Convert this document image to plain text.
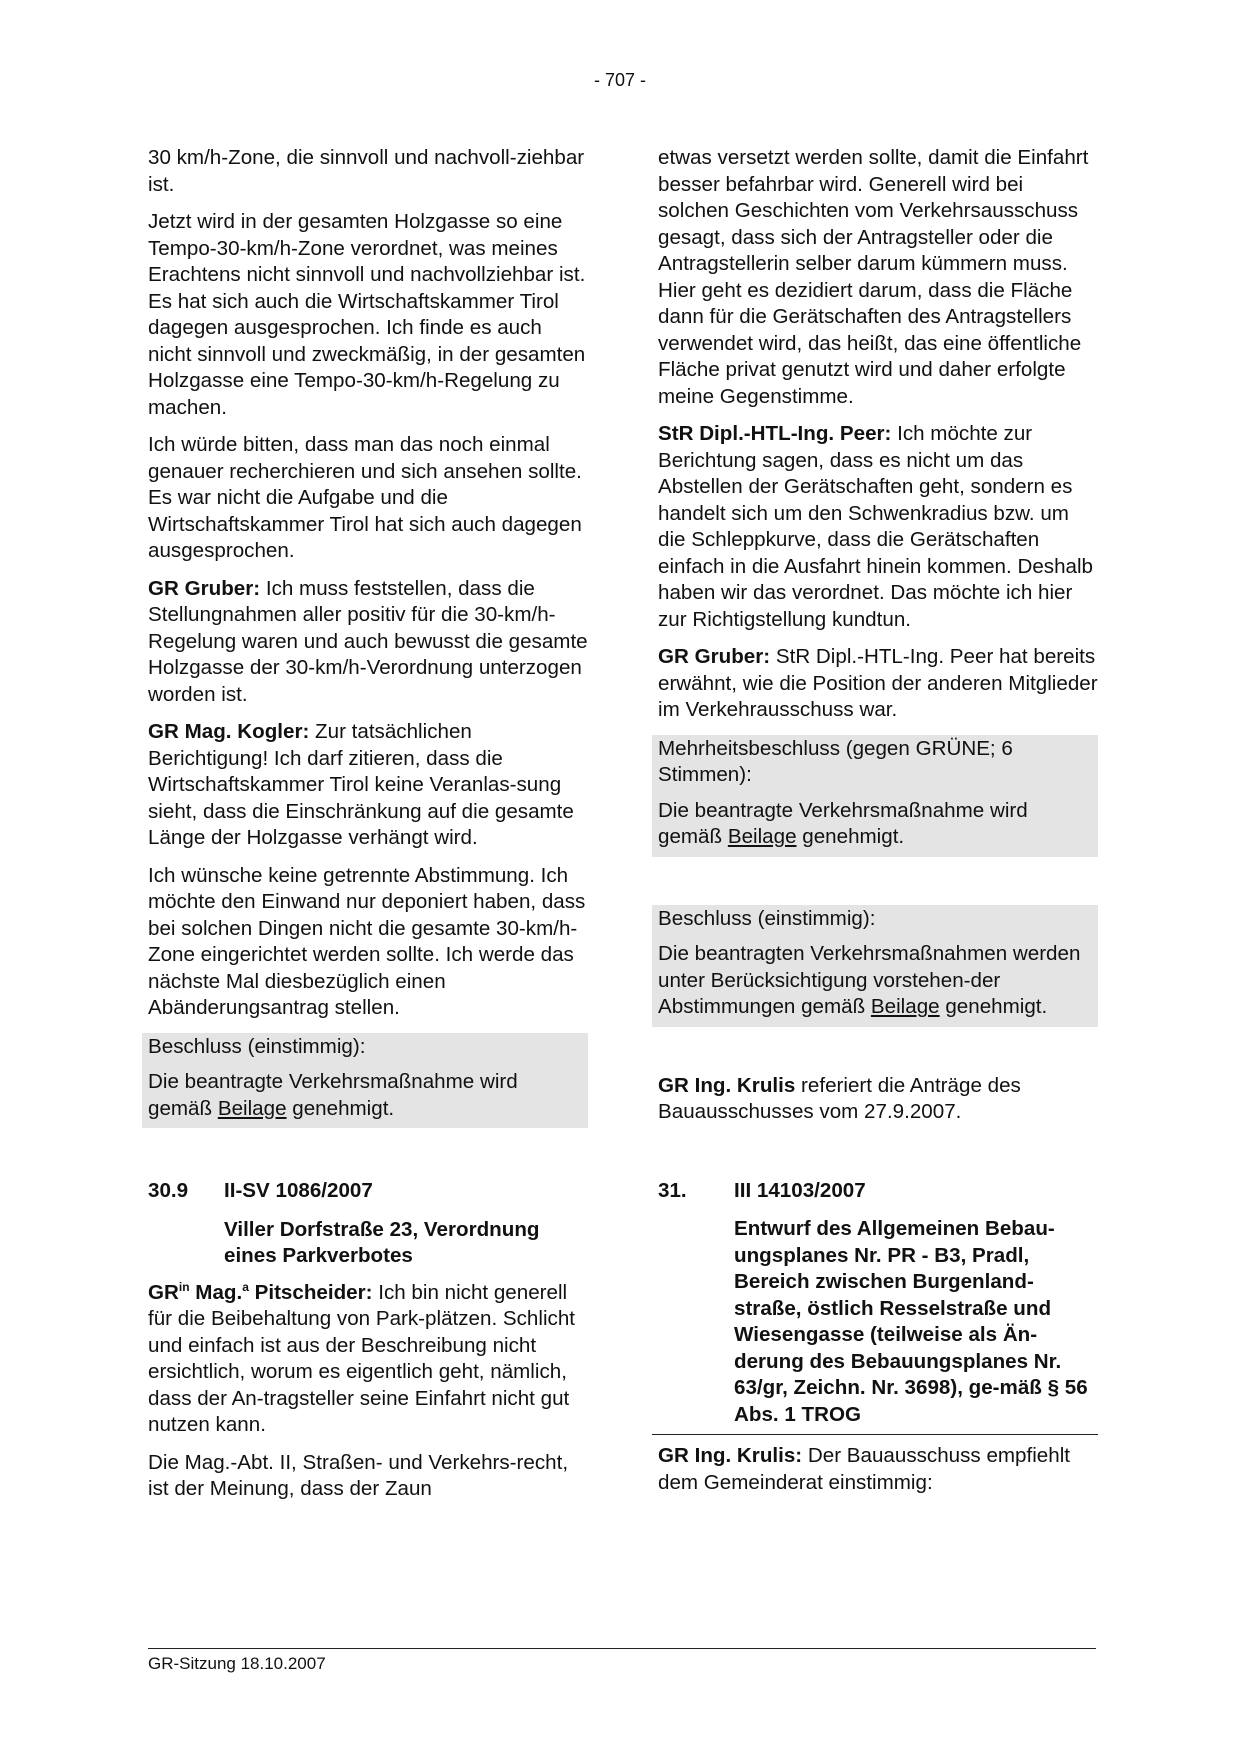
- 707 -

30 km/h-Zone, die sinnvoll und nachvoll-ziehbar ist.

Jetzt wird in der gesamten Holzgasse so eine Tempo-30-km/h-Zone verordnet, was meines Erachtens nicht sinnvoll und nachvollziehbar ist. Es hat sich auch die Wirtschaftskammer Tirol dagegen ausgesprochen. Ich finde es auch nicht sinnvoll und zweckmäßig, in der gesamten Holzgasse eine Tempo-30-km/h-Regelung zu machen.

Ich würde bitten, dass man das noch einmal genauer recherchieren und sich ansehen sollte. Es war nicht die Aufgabe und die Wirtschaftskammer Tirol hat sich auch dagegen ausgesprochen.

GR Gruber: Ich muss feststellen, dass die Stellungnahmen aller positiv für die 30-km/h-Regelung waren und auch bewusst die gesamte Holzgasse der 30-km/h-Verordnung unterzogen worden ist.

GR Mag. Kogler: Zur tatsächlichen Berichtigung! Ich darf zitieren, dass die Wirtschaftskammer Tirol keine Veranlas-sung sieht, dass die Einschränkung auf die gesamte Länge der Holzgasse verhängt wird.

Ich wünsche keine getrennte Abstimmung. Ich möchte den Einwand nur deponiert haben, dass bei solchen Dingen nicht die gesamte 30-km/h-Zone eingerichtet werden sollte. Ich werde das nächste Mal diesbezüglich einen Abänderungsantrag stellen.

Beschluss (einstimmig):

Die beantragte Verkehrsmaßnahme wird gemäß Beilage genehmigt.

30.9 II-SV 1086/2007
Viller Dorfstraße 23, Verordnung eines Parkverbotes

$GR^{in}$ Mag.$^a$ Pitscheider: Ich bin nicht generell für die Beibehaltung von Park-plätzen. Schlicht und einfach ist aus der Beschreibung nicht ersichtlich, worum es eigentlich geht, nämlich, dass der An-tragsteller seine Einfahrt nicht gut nutzen kann.

Die Mag.-Abt. II, Straßen- und Verkehrs-recht, ist der Meinung, dass der Zaun

etwas versetzt werden sollte, damit die Einfahrt besser befahrbar wird. Generell wird bei solchen Geschichten vom Verkehrsausschuss gesagt, dass sich der Antragsteller oder die Antragstellerin selber darum kümmern muss. Hier geht es dezidiert darum, dass die Fläche dann für die Gerätschaften des Antragstellers verwendet wird, das heißt, das eine öffentliche Fläche privat genutzt wird und daher erfolgte meine Gegenstimme.

StR Dipl.-HTL-Ing. Peer: Ich möchte zur Berichtung sagen, dass es nicht um das Abstellen der Gerätschaften geht, sondern es handelt sich um den Schwenkradius bzw. um die Schleppkurve, dass die Gerätschaften einfach in die Ausfahrt hinein kommen. Deshalb haben wir das verordnet. Das möchte ich hier zur Richtigstellung kundtun.

GR Gruber: StR Dipl.-HTL-Ing. Peer hat bereits erwähnt, wie die Position der anderen Mitglieder im Verkehrausschuss war.

Mehrheitsbeschluss (gegen GRÜNE; 6 Stimmen):

Die beantragte Verkehrsmaßnahme wird gemäß Beilage genehmigt.

Beschluss (einstimmig):

Die beantragten Verkehrsmaßnahmen werden unter Berücksichtigung vorstehen-der Abstimmungen gemäß Beilage genehmigt.

GR Ing. Krulis referiert die Anträge des Bauausschusses vom 27.9.2007.

31. III 14103/2007
Entwurf des Allgemeinen Bebau-ungsplanes Nr. PR - B3, Pradl, Bereich zwischen Burgenland-straße, östlich Resselstraße und Wiesengasse (teilweise als Än-derung des Bebauungsplanes Nr. 63/gr, Zeichn. Nr. 3698), ge-mäß § 56 Abs. 1 TROG

GR Ing. Krulis: Der Bauausschuss empfiehlt dem Gemeinderat einstimmig:

GR-Sitzung 18.10.2007
